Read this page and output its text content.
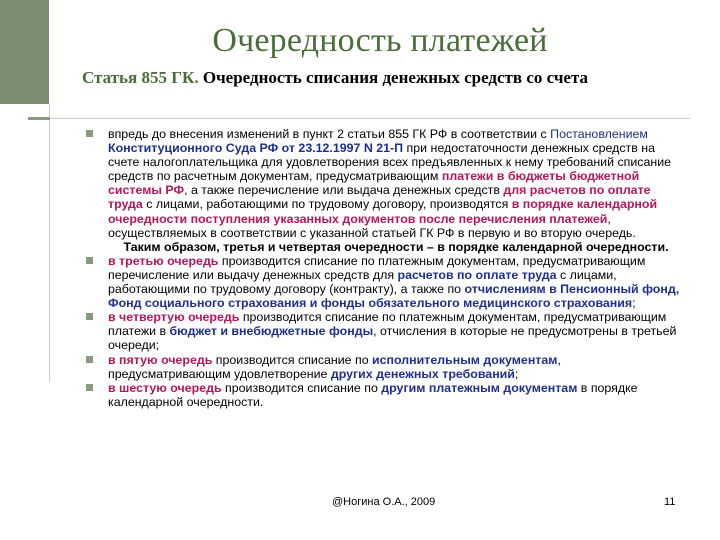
Очередность платежей
Статья 855 ГК. Очередность списания денежных средств со счета

впредь до внесения изменений в пункт 2 статьи 855 ГК РФ в соответствии с Постановлением Конституционного Суда РФ от 23.12.1997 N 21-П при недостаточности денежных средств на счете налогоплательщика для удовлетворения всех предъявленных к нему требований списание средств по расчетным документам, предусматривающим платежи в бюджеты бюджетной системы РФ, а также перечисление или выдача денежных средств для расчетов по оплате труда с лицами, работающими по трудовому договору, производятся в порядке календарной очередности поступления указанных документов после перечисления платежей, осуществляемых в соответствии с указанной статьей ГК РФ в первую и во вторую очередь.

Таким образом, третья и четвертая очередности – в порядке календарной очередности.

в третью очередь производится списание по платежным документам, предусматривающим перечисление или выдачу денежных средств для расчетов по оплате труда с лицами, работающими по трудовому договору (контракту), а также по отчислениям в Пенсионный фонд, Фонд социального страхования и фонды обязательного медицинского страхования;

в четвертую очередь производится списание по платежным документам, предусматривающим платежи в бюджет и внебюджетные фонды, отчисления в которые не предусмотрены в третьей очереди;

в пятую очередь производится списание по исполнительным документам, предусматривающим удовлетворение других денежных требований;

в шестую очередь производится списание по другим платежным документам в порядке календарной очередности.

@Ногина О.А., 2009	11
